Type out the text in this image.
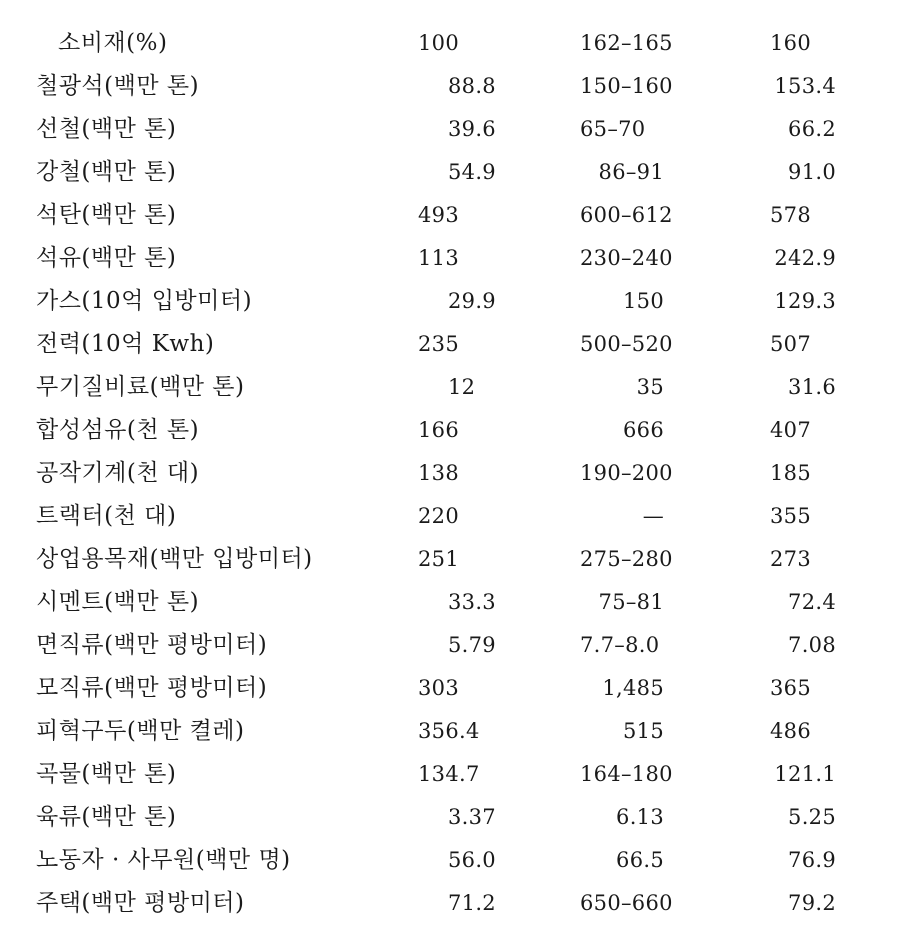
소비재(%)	100	162–165	160
철광석(백만 톤)	88.8	150–160	153.4
선철(백만 톤)	39.6	65–70	66.2
강철(백만 톤)	54.9	86–91	91.0
석탄(백만 톤)	493	600–612	578
석유(백만 톤)	113	230–240	242.9
가스(10억 입방미터)	29.9	150	129.3
전력(10억 Kwh)	235	500–520	507
무기질비료(백만 톤)	12	35	31.6
합성섬유(천 톤)	166	666	407
공작기계(천 대)	138	190–200	185
트랙터(천 대)	220	—	355
상업용목재(백만 입방미터)	251	275–280	273
시멘트(백만 톤)	33.3	75–81	72.4
면직류(백만 평방미터)	5.79	7.7–8.0	7.08
모직류(백만 평방미터)	303	1,485	365
피혁구두(백만 켤레)	356.4	515	486
곡물(백만 톤)	134.7	164–180	121.1
육류(백만 톤)	3.37	6.13	5.25
노동자 · 사무원(백만 명)	56.0	66.5	76.9
주택(백만 평방미터)	71.2	650–660	79.2
